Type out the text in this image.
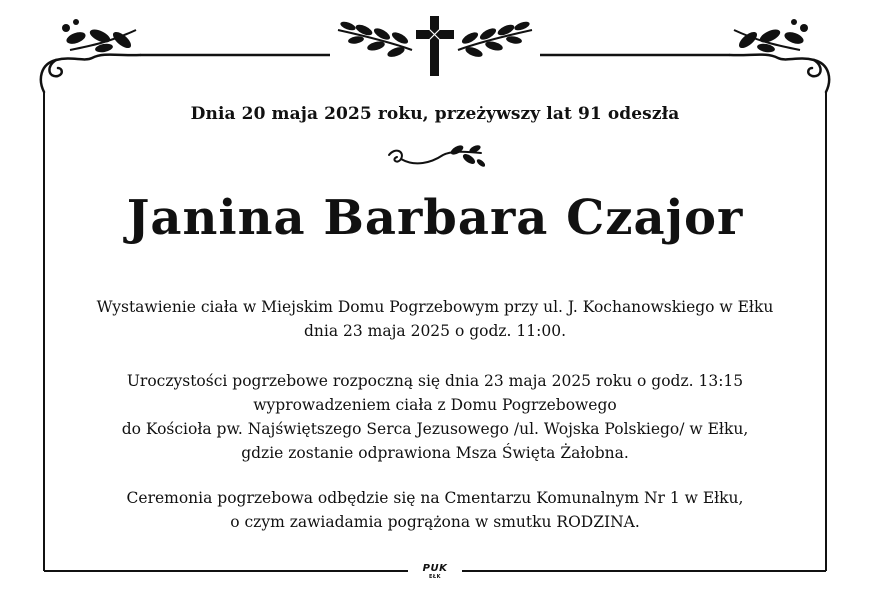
Dnia 20 maja 2025 roku, przeżywszy lat 91 odeszła
Janina Barbara Czajor
Wystawienie ciała w Miejskim Domu Pogrzebowym przy ul. J. Kochanowskiego w Ełku
dnia 23 maja 2025 o godz. 11:00.
Uroczystości pogrzebowe rozpoczną się dnia 23 maja 2025 roku o godz. 13:15
wyprowadzeniem ciała z Domu Pogrzebowego
do Kościoła pw. Najświętszego Serca Jezusowego /ul. Wojska Polskiego/ w Ełku,
gdzie zostanie odprawiona Msza Święta Żałobna.
Ceremonia pogrzebowa odbędzie się na Cmentarzu Komunalnym Nr 1 w Ełku,
o czym zawiadamia pogrążona w smutku RODZINA.
PUK
EŁK
